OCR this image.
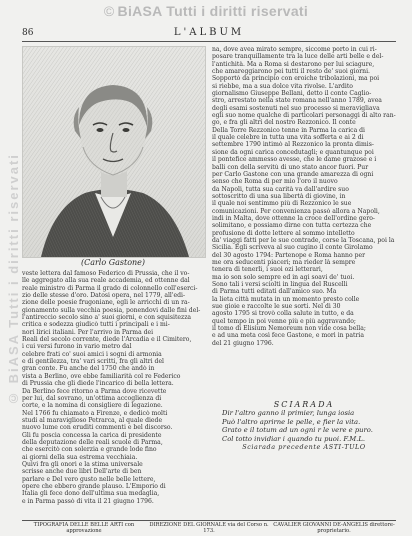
© BiASA Tutti i diritti riservati
© BiASA Tutti i diritti riservati
86	L'ALBUM
(Carlo Gastone)
veste lettera dal famoso Federico di Prussia, che il vo-
lle aggregato alla sua reale accademia, ed ottenne dal
reale ministro di Parma il grado di colonnello coll'eserci-
zio delle stesse d'oro. Datosi opera, nel 1779, all'edi-
zione delle poesie frugoniane, egli le arricchì di un ra-
gionamento sulla vecchia poesia, ponendovi dalle fini del-
l'antireccio secolo sino a' suoi giorni, e con squisitezza
critica e sodezza giudicò tutti i principali e i mi-
nori lirici italiani. Per l'arrivo in Parma dei
Reali del secolo corrente, diede l'Arcadia e il Cimitero,
i cui versi furono in vario metro dal
celebre frati co' suoi amici i sogni di armonia
e di gentilezza, tra' vari scritti, fra gli altri del
gran conte. Fu anche del 1750 che andò in
vista a Berlino, ove ebbe familiarità col re Federico
di Prussia che gli diede l'incarico di bella lettera.
Da Berlino fece ritorno a Parma dove ricevette
per lui, dal sovrano, un'ottima accoglienza di
corte, e la nomina di consigliere di legazione.
Nel 1766 fu chiamato a Firenze, e dedicò molti
studi al maraviglioso Petrarca, al quale diede
nuovo lume con eruditi commenti e bel discorso.
Gli fu poscia concessa la carica di presidente
della deputazione delle reali scuole di Parma,
che esercitò con solerzia e grande lode fino
ai giorni della sua estrema vecchiaia.
Quivi fra gli onori e la stima universale
scrisse anche due libri Dell'arte di ben
parlare e Del vero gusto nelle belle lettere,
opere che ebbero grande plauso. L'Emporio di
Italia gli fece dono dell'ultima sua medaglia,
e in Parma passò di vita il 21 giugno 1796.
na, dove avea mirato sempre, siccome porto in cui ri-
posare tranquillamente tra la luce delle arti belle e del-
l'antichità. Ma a Roma si destarono per lui sciagure,
che amareggiarono pei tutti il resto de' suoi giorni.
Sopportò da principio con eroiche tribolazioni, ma poi
si riebbe, ma a sua dolce vita rivolse. L'ardito
giornalismo Giuseppe Bellani, detto il conte Caglio-
stro, arrestato nella state romana nell'anno 1789, avea
degli esami sostenuti nel suo processo si meravigliava
egli suo nome qualche di particolari personaggi di alto ran-
go, e fra gli altri del nostro Rezzonico. Il conte
Della Torre Rezzonico tenne in Parma la carica di
il quale celebre in tutta una vita sofferta e ai 2 di
settembre 1790 intimò al Rezzonico la pronta dimis-
sione da ogni carica concedutagli; e quantunque poi
il pontefice ammesso avesse, che le dame grazose e i
balli con della servitù di uno stato ancor fuori. Pur
per Carlo Gastone con una grande amarezza di ogni
senso che Roma di per mio l'oro il nuovo
da Napoli, tutta sua carità va dall'ardire suo
sottoscritto di una sua libertà di giovine, in
il quale noi sentimmo più di Rezzonico le sue
comunicazioni. Per convenienza passò allora a Napoli,
indi in Malta, dove ottenne la croce dell'ordine gero-
solimitano, e possiamo dirne con tutta certezza che
profusione di dotte lettere al sommo intelletto
da' viaggi fatti per le sue contrade, corse la Toscana, poi la
Sicilia. Egli scriveva al suo cugino il conte Girolamo
del 30 agosto 1794: Partenope e Roma hanno per
me ora seducenti piaceri; ma rieder là sempre
tenera di tenerli, i suoi ozi letterari,
ma io son solo sempre ed in agi soavi de' tuoi.
Sono tali i versi sciolti in lingua del Ruscelli
di Parma tutti editati dall'amico suo. Ma
la lieta città mutata in un momento presto colle
sue gioie e raccolte le sue sorti. Nel di 30
agosto 1795 si trovò colla salute in tutto, e da
quel tempo in poi venne più e più aggravando;
il tomo di Elisium Nemoreum non vide cosa bella;
e ad una meta così fece Gastone, e morì in patria
del 21 giugno 1796.
SCIARADA
Dir l'altro ganno il primier, lunga iosia
Può l'altro aprirne le pelle, e fier la vita.
Grato e il totum ad un ogni r le vere e puro.
Col totto invidiar i quando tu puoi. F.M.L.
Sciarada precedente ASTI-TULO
TIPOGRAFIA DELLE BELLE ARTI con approvazione
DIREZIONE DEL GIORNALE via del Corso n. 173.
CAVALIER GIOVANNI DE-ANGELIS direttore-proprietario.
